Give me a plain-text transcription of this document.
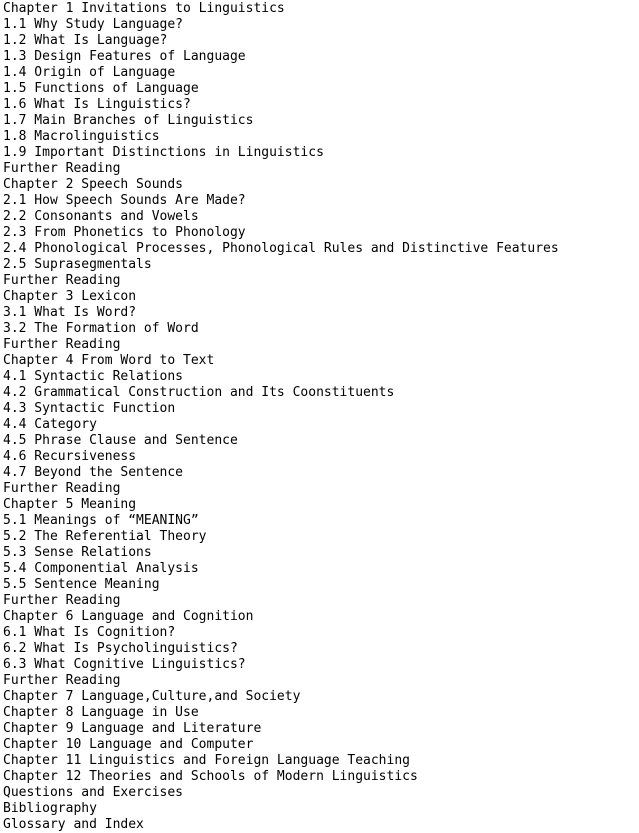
Chapter 1 Invitations to Linguistics
1.1 Why Study Language?
1.2 What Is Language?
1.3 Design Features of Language
1.4 Origin of Language
1.5 Functions of Language
1.6 What Is Linguistics?
1.7 Main Branches of Linguistics
1.8 Macrolinguistics
1.9 Important Distinctions in Linguistics
Further Reading
Chapter 2 Speech Sounds
2.1 How Speech Sounds Are Made?
2.2 Consonants and Vowels
2.3 From Phonetics to Phonology
2.4 Phonological Processes, Phonological Rules and Distinctive Features
2.5 Suprasegmentals
Further Reading
Chapter 3 Lexicon
3.1 What Is Word?
3.2 The Formation of Word
Further Reading
Chapter 4 From Word to Text
4.1 Syntactic Relations
4.2 Grammatical Construction and Its Coonstituents
4.3 Syntactic Function
4.4 Category
4.5 Phrase Clause and Sentence
4.6 Recursiveness
4.7 Beyond the Sentence
Further Reading
Chapter 5 Meaning
5.1 Meanings of “MEANING”
5.2 The Referential Theory
5.3 Sense Relations
5.4 Componential Analysis
5.5 Sentence Meaning
Further Reading
Chapter 6 Language and Cognition
6.1 What Is Cognition?
6.2 What Is Psycholinguistics?
6.3 What Cognitive Linguistics?
Further Reading
Chapter 7 Language,Culture,and Society
Chapter 8 Language in Use
Chapter 9 Language and Literature
Chapter 10 Language and Computer
Chapter 11 Linguistics and Foreign Language Teaching
Chapter 12 Theories and Schools of Modern Linguistics
Questions and Exercises
Bibliography
Glossary and Index
